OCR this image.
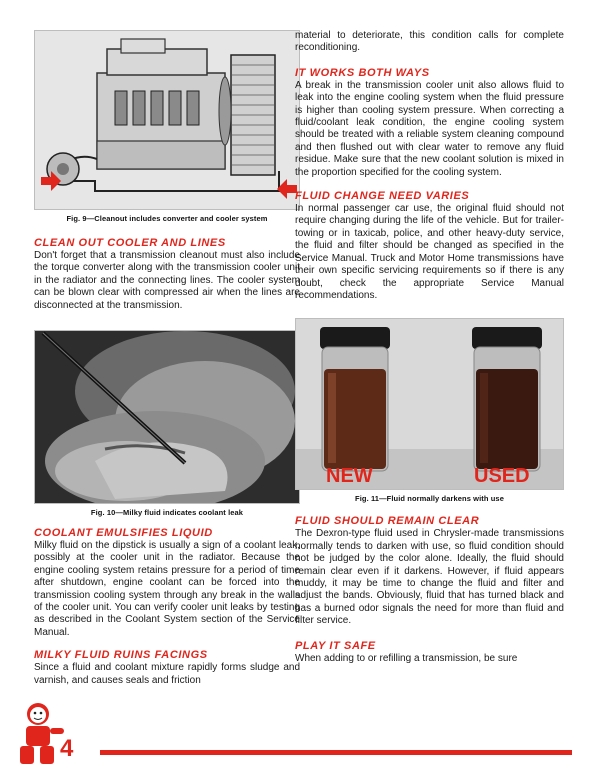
Fig. 9—Cleanout includes converter and cooler system

CLEAN OUT COOLER AND LINES

Don't forget that a transmission cleanout must also include the torque converter along with the transmission cooler unit in the radiator and the connecting lines. The cooler system can be blown clear with compressed air when the lines are disconnected at the transmission.

Fig. 10—Milky fluid indicates coolant leak

COOLANT EMULSIFIES LIQUID

Milky fluid on the dipstick is usually a sign of a coolant leak, possibly at the cooler unit in the radiator. Because the engine cooling system retains pressure for a period of time after shutdown, engine coolant can be forced into the transmission cooling system through any break in the walls of the cooler unit. You can verify cooler unit leaks by testing as described in the Coolant System section of the Service Manual.

MILKY FLUID RUINS FACINGS

Since a fluid and coolant mixture rapidly forms sludge and varnish, and causes seals and friction

material to deteriorate, this condition calls for complete reconditioning.

IT WORKS BOTH WAYS

A break in the transmission cooler unit also allows fluid to leak into the engine cooling system when the fluid pressure is higher than cooling system pressure. When correcting a fluid/coolant leak condition, the engine cooling system should be treated with a reliable system cleaning compound and then flushed out with clear water to remove any fluid residue. Make sure that the new coolant solution is mixed in the proportion specified for the cooling system.

FLUID CHANGE NEED VARIES

In normal passenger car use, the original fluid should not require changing during the life of the vehicle. But for trailer-towing or in taxicab, police, and other heavy-duty service, the fluid and filter should be changed as specified in the Service Manual. Truck and Motor Home transmissions have their own specific servicing requirements so if there is any doubt, check the appropriate Service Manual recommendations.

NEW	USED

Fig. 11—Fluid normally darkens with use

FLUID SHOULD REMAIN CLEAR

The Dexron-type fluid used in Chrysler-made transmissions normally tends to darken with use, so fluid condition should not be judged by the color alone. Ideally, the fluid should remain clear even if it darkens. However, if fluid appears muddy, it may be time to change the fluid and filter and adjust the bands. Obviously, fluid that has turned black and has a burned odor signals the need for more than fluid and filter service.

PLAY IT SAFE

When adding to or refilling a transmission, be sure

4
